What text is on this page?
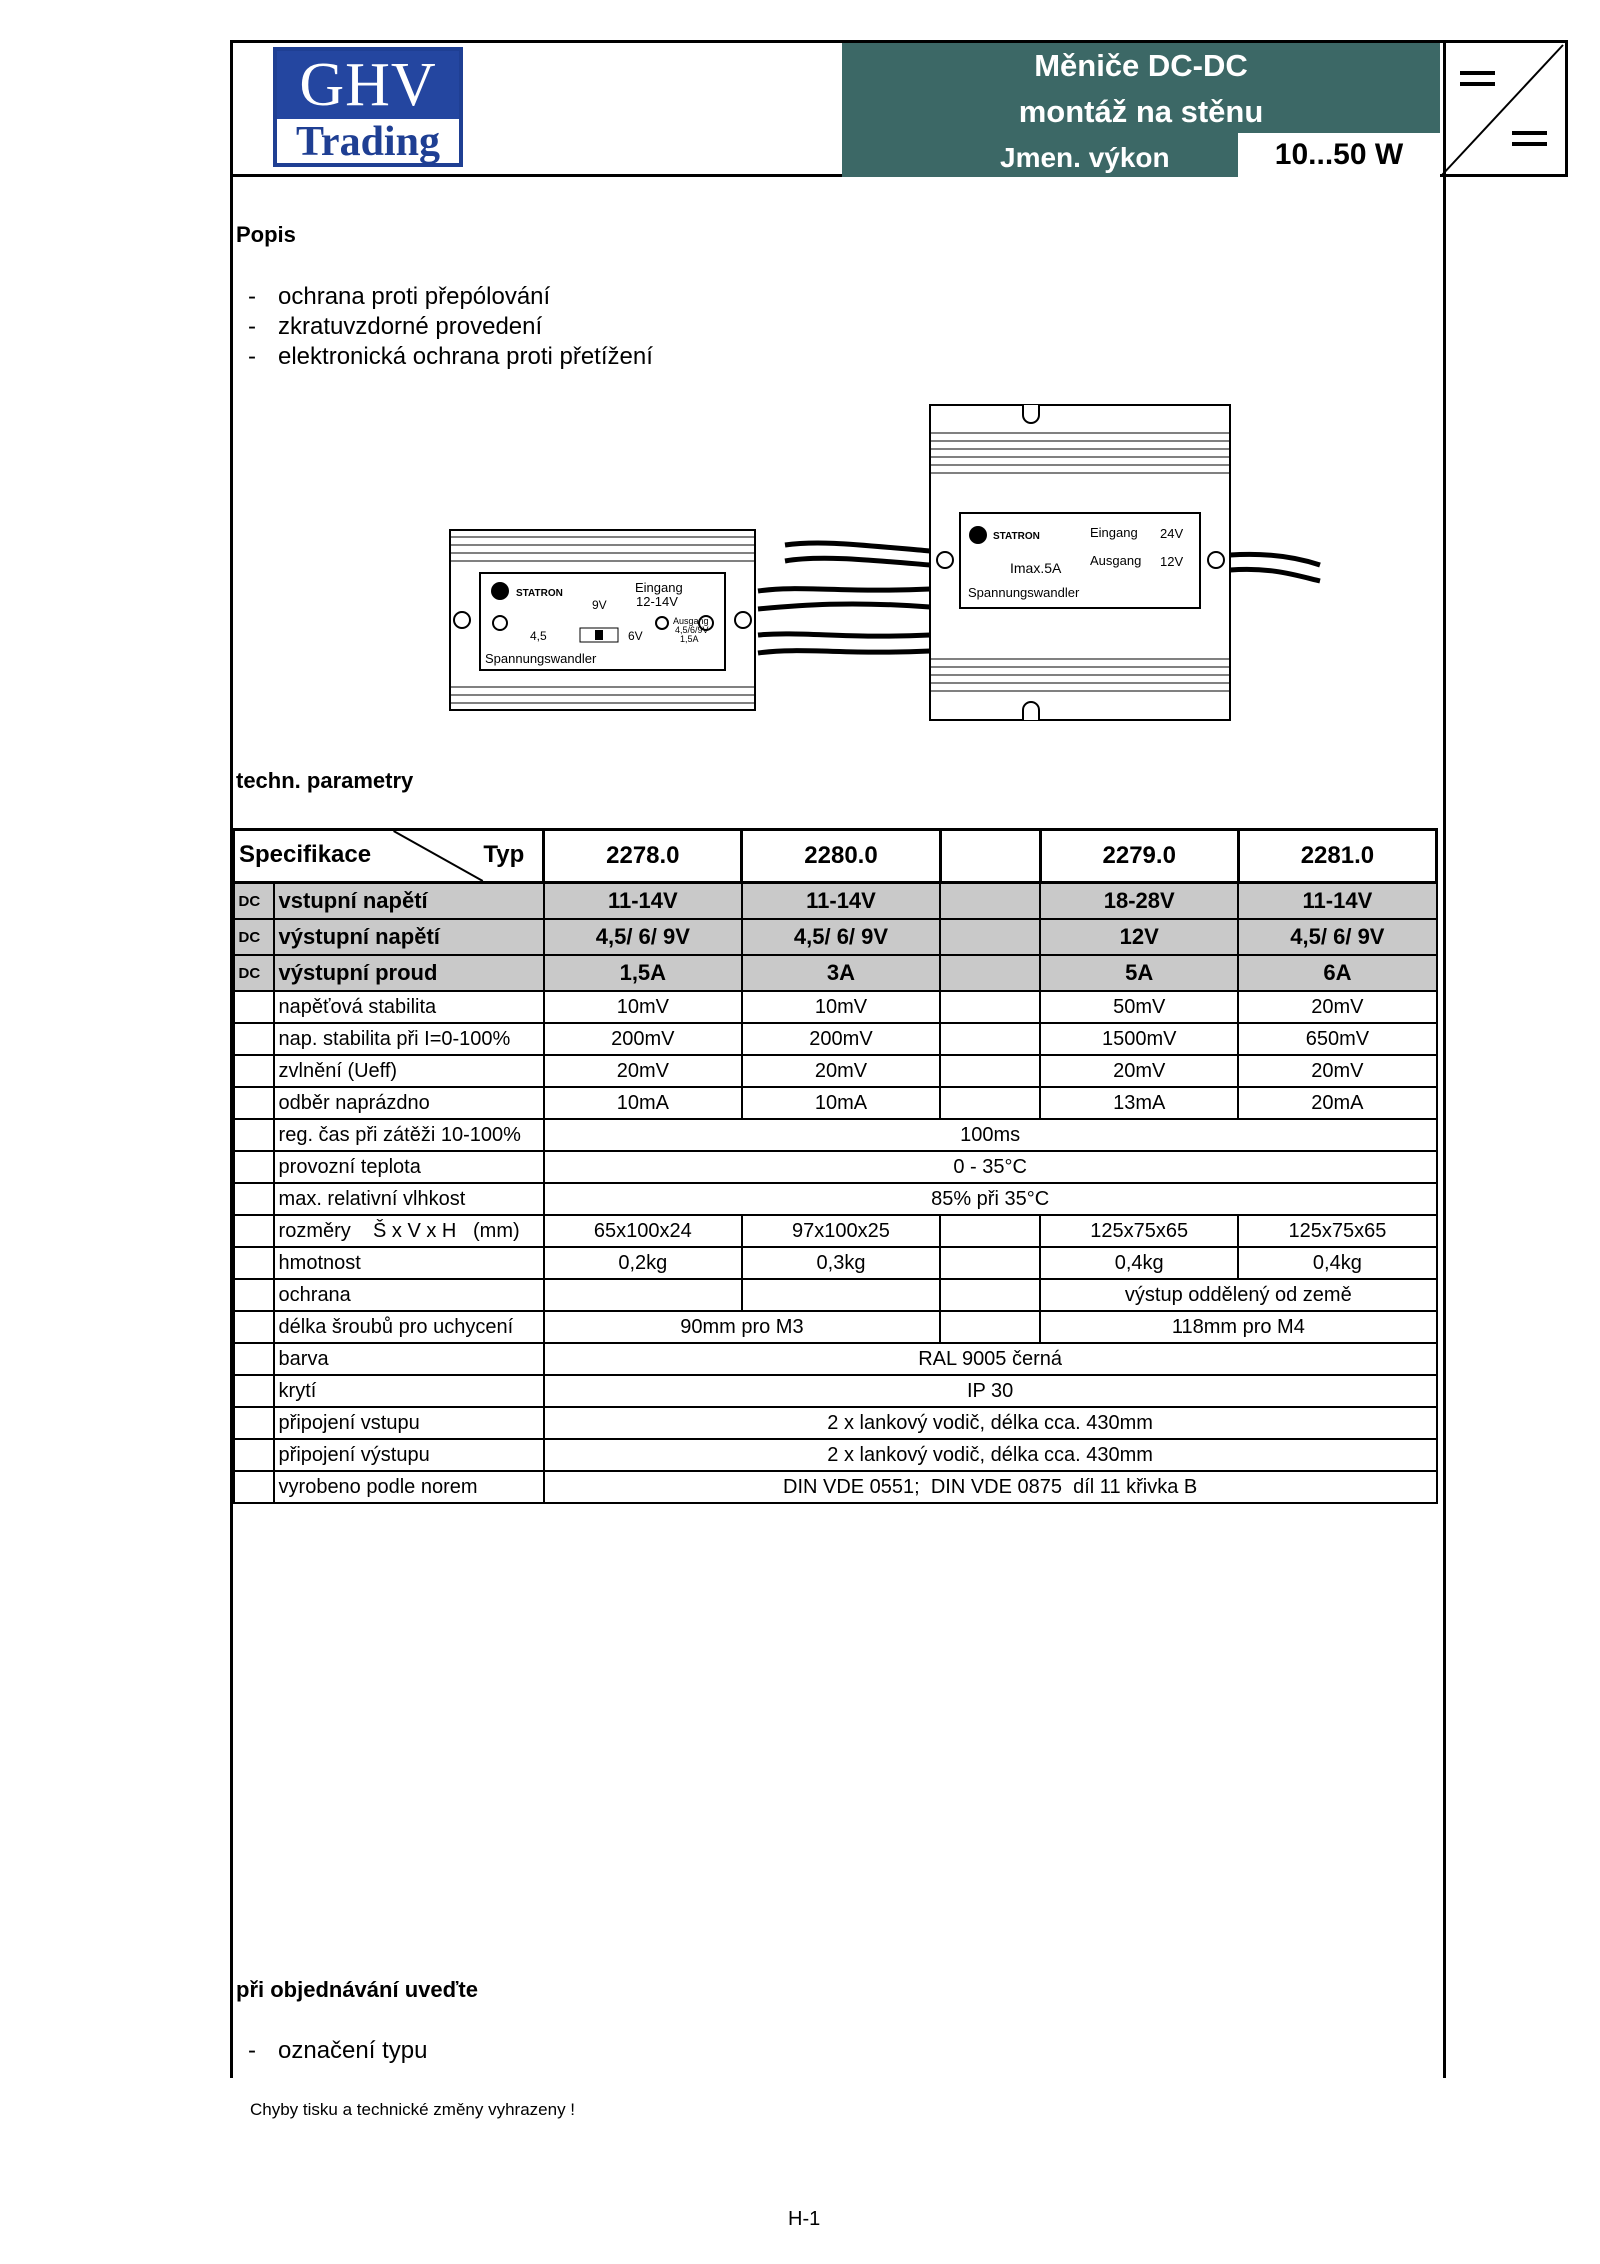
GHV
Trading
Měniče DC-DC
montáž na stěnu
Jmen. výkon	10...50 W
Popis
- ochrana proti přepólování
- zkratuvzdorné provedení
- elektronická ochrana proti přetížení
STATRON	Eingang
12-14V
9V
4,5	6V
Ausgang
4,5/6/9V
1,5A
Spannungswandler
STATRON	Eingang 24V
Ausgang 12V
Imax.5A
Spannungswandler
techn. parametry
Specifikace Typ		2278.0	2280.0		2279.0	2281.0
DC	vstupní napětí	11-14V	11-14V		18-28V	11-14V
DC	výstupní napětí	4,5/ 6/ 9V	4,5/ 6/ 9V		12V	4,5/ 6/ 9V
DC	výstupní proud	1,5A	3A		5A	6A
	napěťová stabilita	10mV	10mV		50mV	20mV
	nap. stabilita při I=0-100%	200mV	200mV		1500mV	650mV
	zvlnění (Ueff)	20mV	20mV		20mV	20mV
	odběr naprázdno	10mA	10mA		13mA	20mA
	reg. čas při zátěži 10-100%	100ms				
	provozní teplota	0 - 35°C				
	max. relativní vlhkost	85% při 35°C				
	rozměry    Š x V x H   (mm)	65x100x24	97x100x25		125x75x65	125x75x65
	hmotnost	0,2kg	0,3kg		0,4kg	0,4kg
	ochrana				výstup oddělený od země	
	délka šroubů pro uchycení	90mm pro M3			118mm pro M4	
	barva	RAL 9005 černá				
	krytí	IP 30				
	připojení vstupu	2 x lankový vodič, délka cca. 430mm				
	připojení výstupu	2 x lankový vodič, délka cca. 430mm				
	vyrobeno podle norem	DIN VDE 0551;  DIN VDE 0875  díl 11 křivka B				
při objednávání uveďte
- označení typu
Chyby tisku a technické změny vyhrazeny !
H-1
